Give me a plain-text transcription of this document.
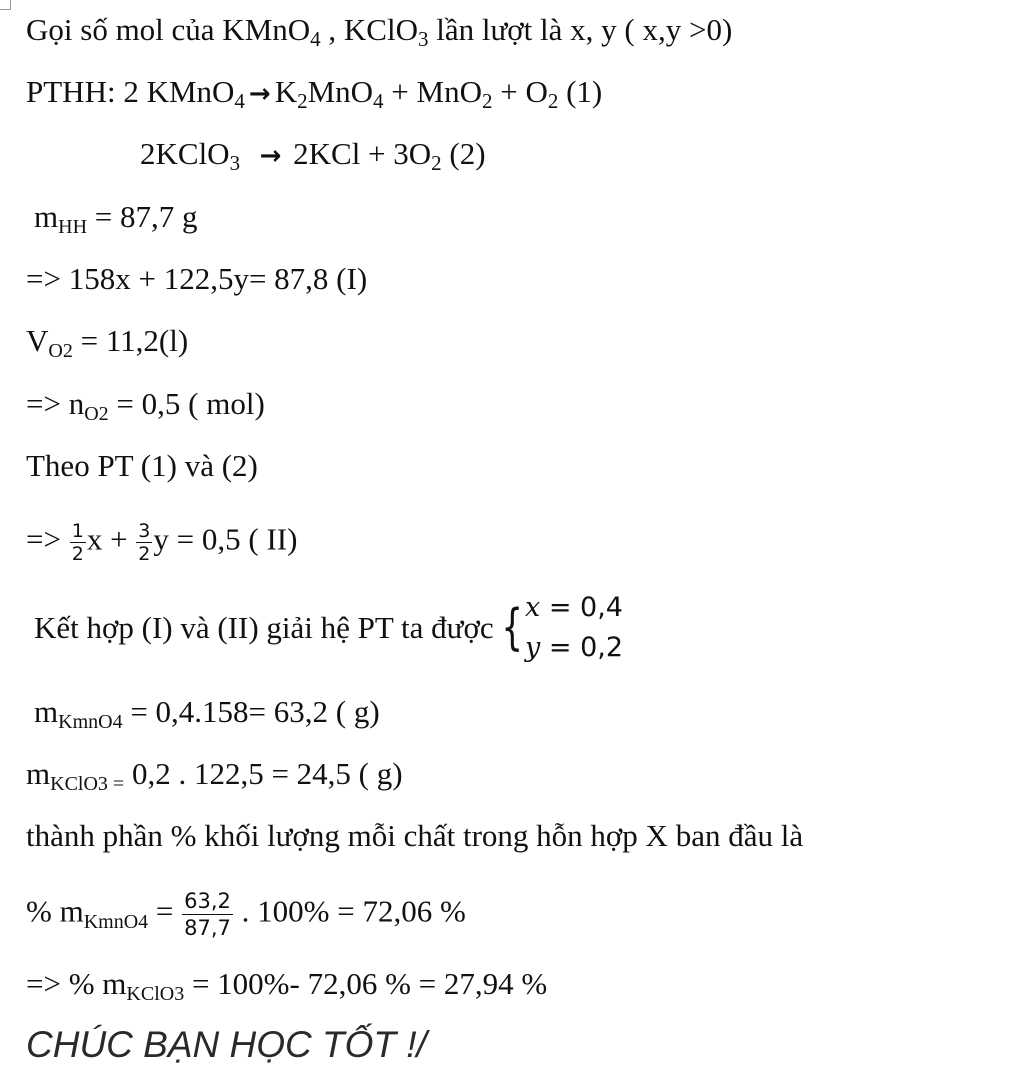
Gọi số mol của KMnO4 , KClO3 lần lượt là x, y ( x,y >0)
PTHH: 2 KMnO4 → K2MnO4 + MnO2 + O2 (1)
2KClO3 → 2KCl + 3O2 (2)
mHH = 87,7 g
=> 158x + 122,5y= 87,8 (I)
VO2 = 11,2(l)
=> nO2 = 0,5 ( mol)
Theo PT (1) và (2)
=> $\frac{1}{2}$ $x + \frac{3}{2}$ y = 0,5 ( II)
Kết hợp (I) và (II) giải hệ PT ta được { x = 0,4
y = 0,2
mKmnO4 = 0,4.158= 63,2 ( g)
mKClO3 = 0,2 . 122,5 = 24,5 ( g)
thành phần % khối lượng mỗi chất trong hỗn hợp X ban đầu là
% mKmnO4 = $\frac{63,2}{87,7}$ . 100% = 72,06 %
=> % mKClO3 = 100%- 72,06 % = 27,94 %
CHÚC BẠN HỌC TỐT !/
